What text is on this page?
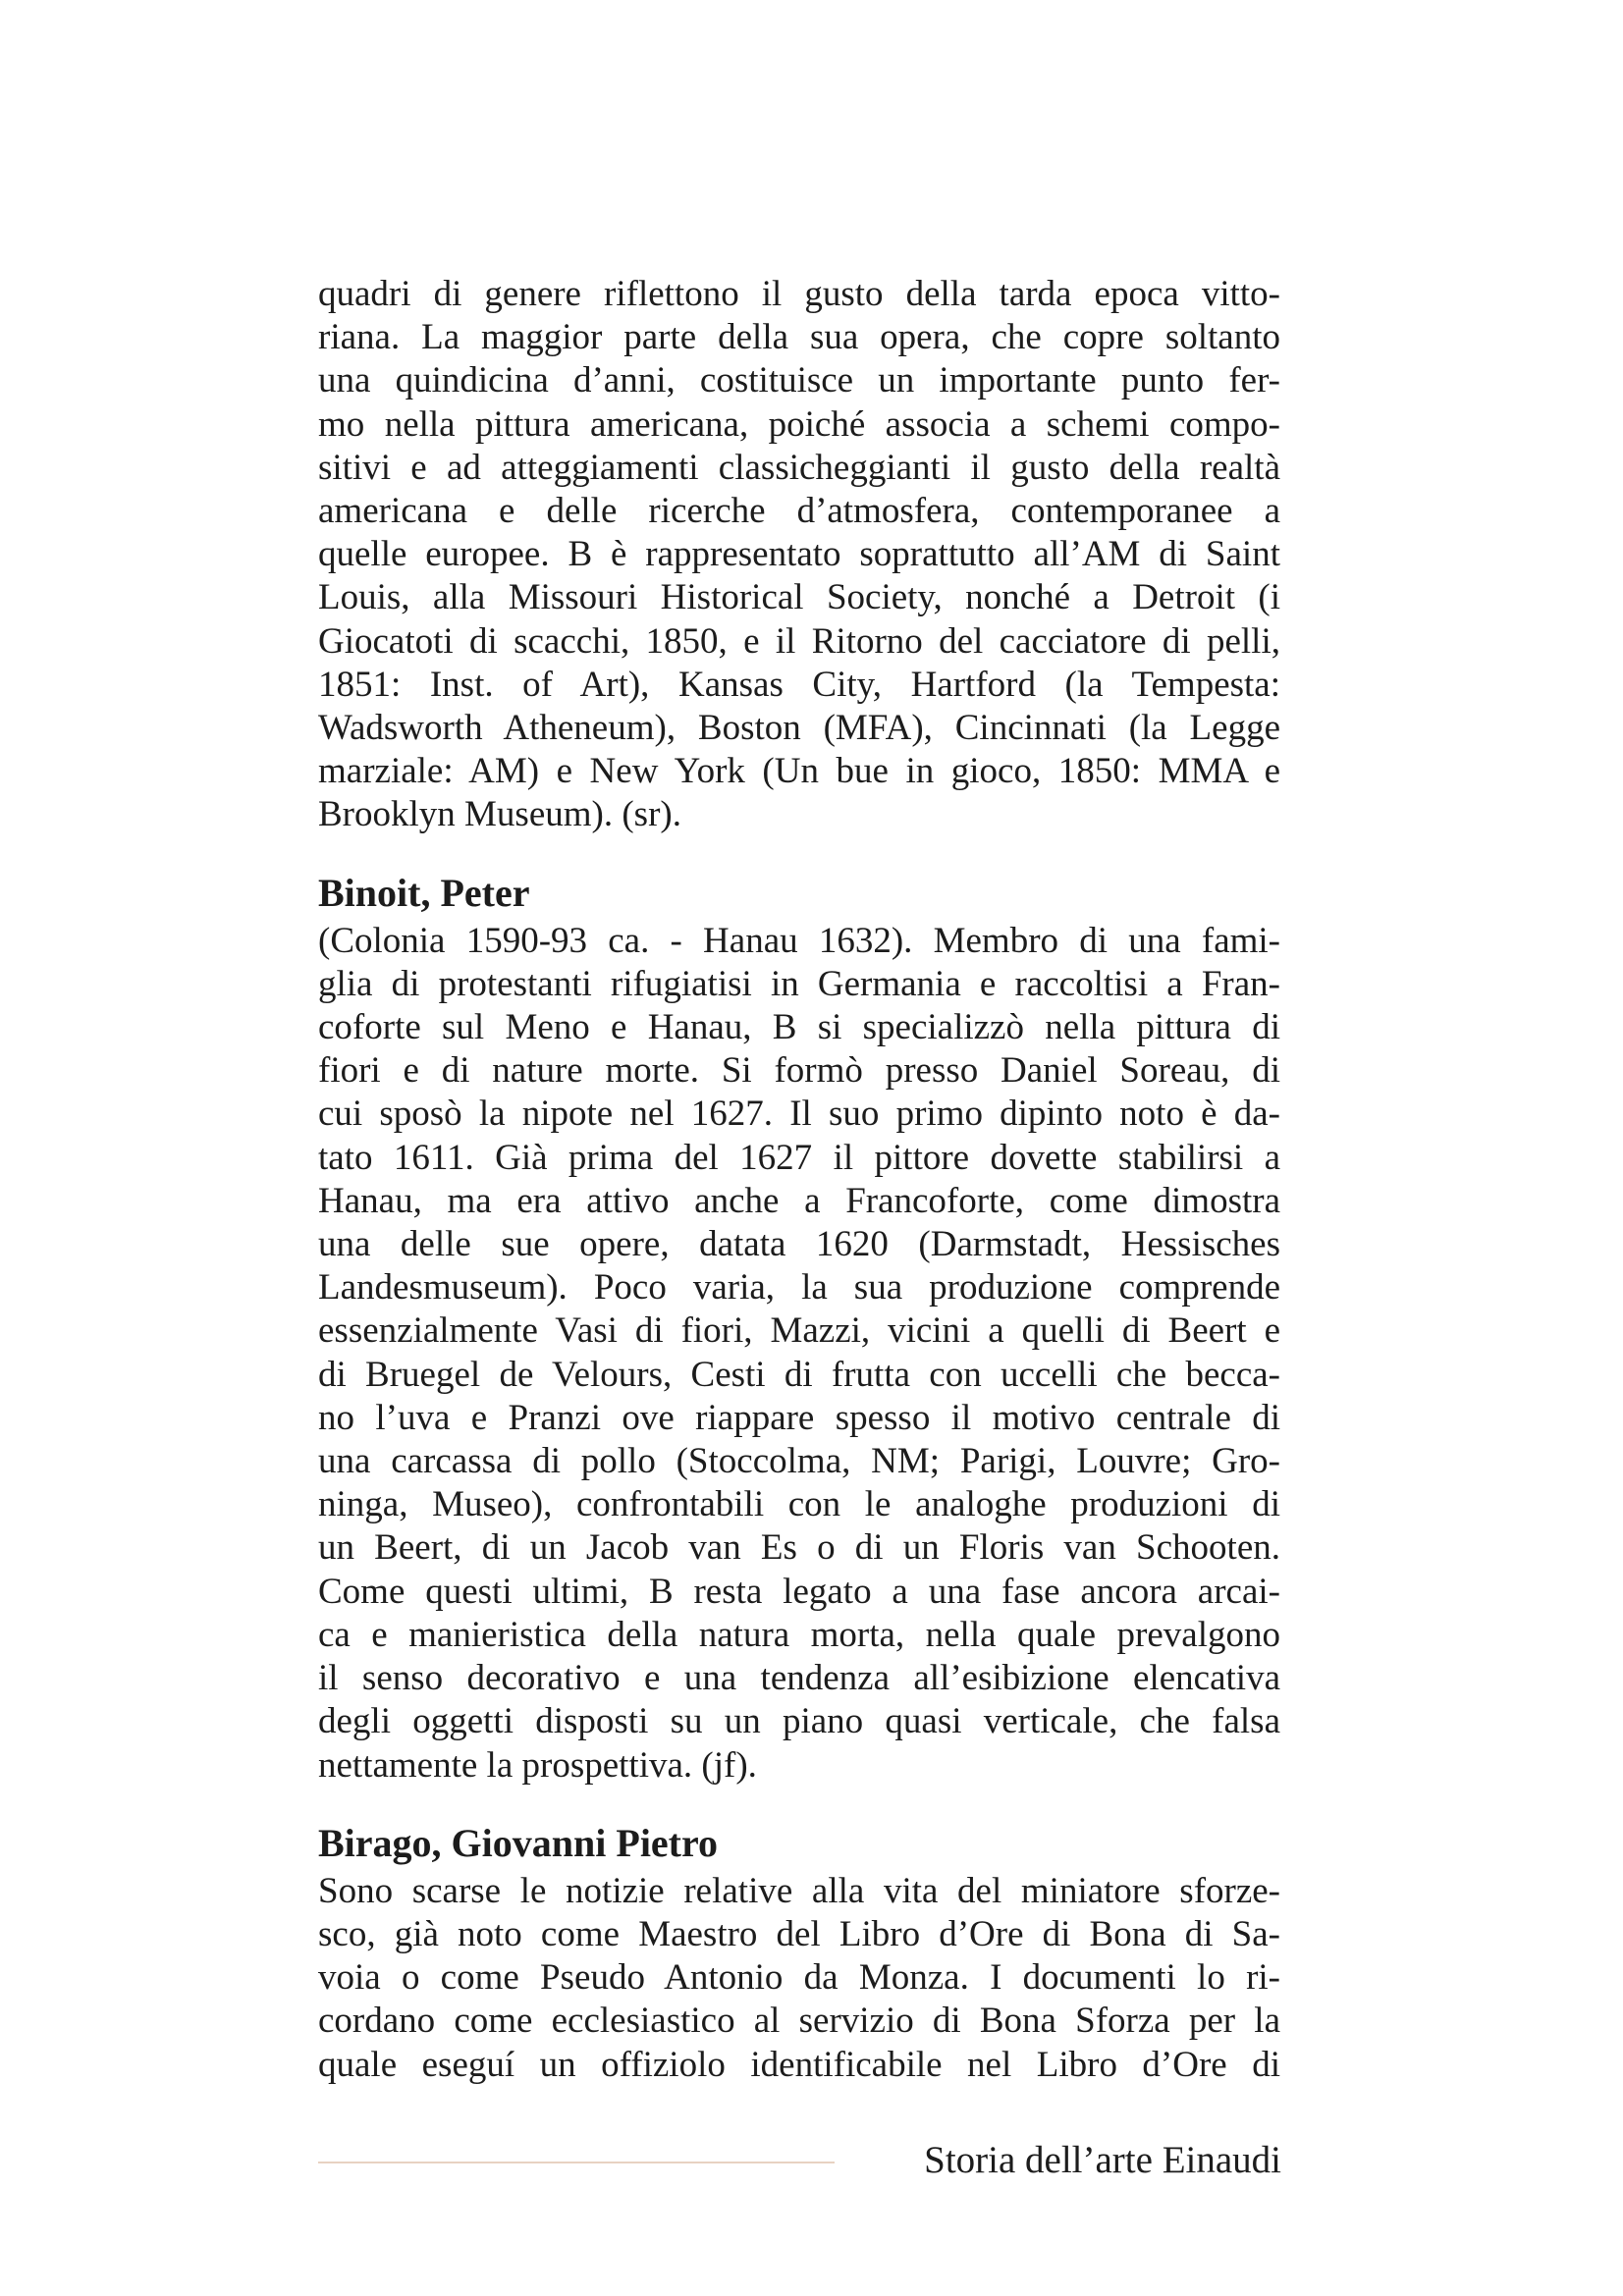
quadri di genere riflettono il gusto della tarda epoca vitto-
riana. La maggior parte della sua opera, che copre soltanto
una quindicina d’anni, costituisce un importante punto fer-
mo nella pittura americana, poiché associa a schemi compo-
sitivi e ad atteggiamenti classicheggianti il gusto della realtà
americana e delle ricerche d’atmosfera, contemporanee a
quelle europee. B è rappresentato soprattutto all’AM di Saint
Louis, alla Missouri Historical Society, nonché a Detroit (i
Giocatoti di scacchi, 1850, e il Ritorno del cacciatore di pelli,
1851: Inst. of Art), Kansas City, Hartford (la Tempesta:
Wadsworth Atheneum), Boston (MFA), Cincinnati (la Legge
marziale: AM) e New York (Un bue in gioco, 1850: MMA e
Brooklyn Museum). (sr).

Binoit, Peter

(Colonia 1590-93 ca. - Hanau 1632). Membro di una fami-
glia di protestanti rifugiatisi in Germania e raccoltisi a Fran-
coforte sul Meno e Hanau, B si specializzò nella pittura di
fiori e di nature morte. Si formò presso Daniel Soreau, di
cui sposò la nipote nel 1627. Il suo primo dipinto noto è da-
tato 1611. Già prima del 1627 il pittore dovette stabilirsi a
Hanau, ma era attivo anche a Francoforte, come dimostra
una delle sue opere, datata 1620 (Darmstadt, Hessisches
Landesmuseum). Poco varia, la sua produzione comprende
essenzialmente Vasi di fiori, Mazzi, vicini a quelli di Beert e
di Bruegel de Velours, Cesti di frutta con uccelli che becca-
no l’uva e Pranzi ove riappare spesso il motivo centrale di
una carcassa di pollo (Stoccolma, NM; Parigi, Louvre; Gro-
ninga, Museo), confrontabili con le analoghe produzioni di
un Beert, di un Jacob van Es o di un Floris van Schooten.
Come questi ultimi, B resta legato a una fase ancora arcai-
ca e manieristica della natura morta, nella quale prevalgono
il senso decorativo e una tendenza all’esibizione elencativa
degli oggetti disposti su un piano quasi verticale, che falsa
nettamente la prospettiva. (jf).

Birago, Giovanni Pietro

Sono scarse le notizie relative alla vita del miniatore sforze-
sco, già noto come Maestro del Libro d’Ore di Bona di Sa-
voia o come Pseudo Antonio da Monza. I documenti lo ri-
cordano come ecclesiastico al servizio di Bona Sforza per la
quale eseguí un offiziolo identificabile nel Libro d’Ore di

Storia dell’arte Einaudi
